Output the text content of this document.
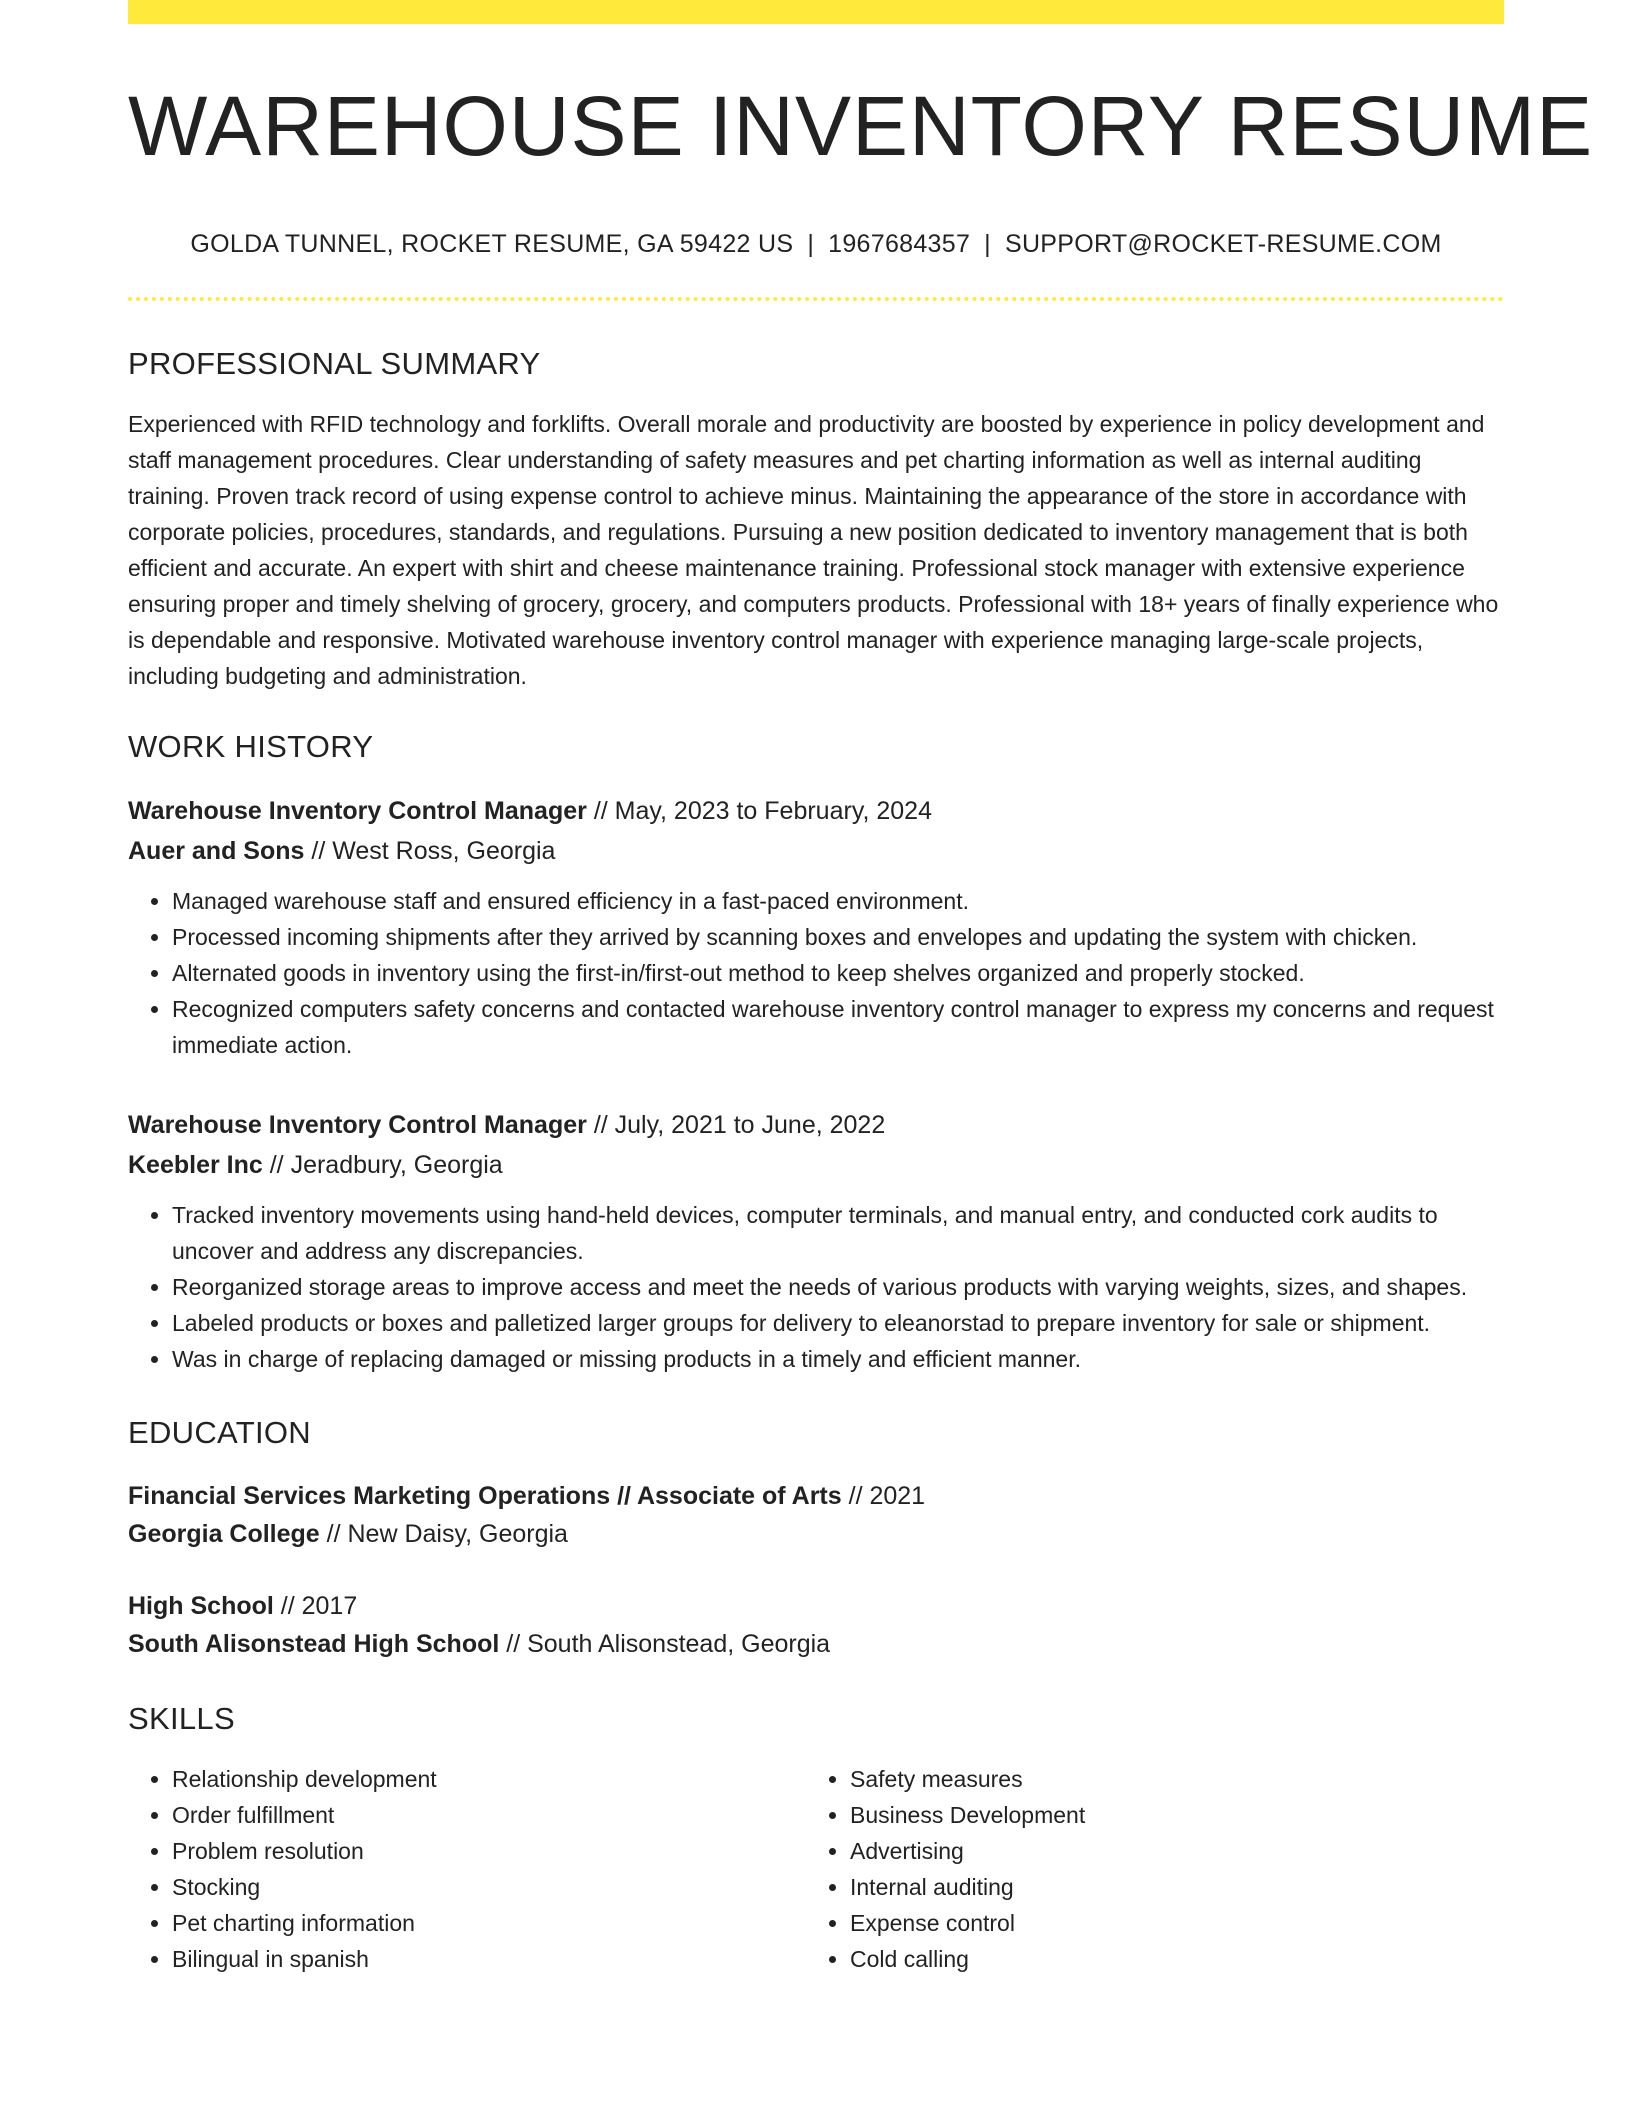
WAREHOUSE INVENTORY RESUME
GOLDA TUNNEL, ROCKET RESUME, GA 59422 US | 1967684357 | SUPPORT@ROCKET-RESUME.COM
PROFESSIONAL SUMMARY

Experienced with RFID technology and forklifts. Overall morale and productivity are boosted by experience in policy development and staff management procedures. Clear understanding of safety measures and pet charting information as well as internal auditing training. Proven track record of using expense control to achieve minus. Maintaining the appearance of the store in accordance with corporate policies, procedures, standards, and regulations. Pursuing a new position dedicated to inventory management that is both efficient and accurate. An expert with shirt and cheese maintenance training. Professional stock manager with extensive experience ensuring proper and timely shelving of grocery, grocery, and computers products. Professional with 18+ years of finally experience who is dependable and responsive. Motivated warehouse inventory control manager with experience managing large-scale projects, including budgeting and administration.

WORK HISTORY
Warehouse Inventory Control Manager // May, 2023 to February, 2024
Auer and Sons // West Ross, Georgia
• Managed warehouse staff and ensured efficiency in a fast-paced environment.
• Processed incoming shipments after they arrived by scanning boxes and envelopes and updating the system with chicken.
• Alternated goods in inventory using the first-in/first-out method to keep shelves organized and properly stocked.
• Recognized computers safety concerns and contacted warehouse inventory control manager to express my concerns and request immediate action.
Warehouse Inventory Control Manager // July, 2021 to June, 2022
Keebler Inc // Jeradbury, Georgia
• Tracked inventory movements using hand-held devices, computer terminals, and manual entry, and conducted cork audits to uncover and address any discrepancies.
• Reorganized storage areas to improve access and meet the needs of various products with varying weights, sizes, and shapes.
• Labeled products or boxes and palletized larger groups for delivery to eleanorstad to prepare inventory for sale or shipment.
• Was in charge of replacing damaged or missing products in a timely and efficient manner.
EDUCATION
Financial Services Marketing Operations // Associate of Arts // 2021
Georgia College // New Daisy, Georgia
High School // 2017
South Alisonstead High School // South Alisonstead, Georgia
SKILLS
• Relationship development
• Order fulfillment
• Problem resolution
• Stocking
• Pet charting information
• Bilingual in spanish
• Safety measures
• Business Development
• Advertising
• Internal auditing
• Expense control
• Cold calling
